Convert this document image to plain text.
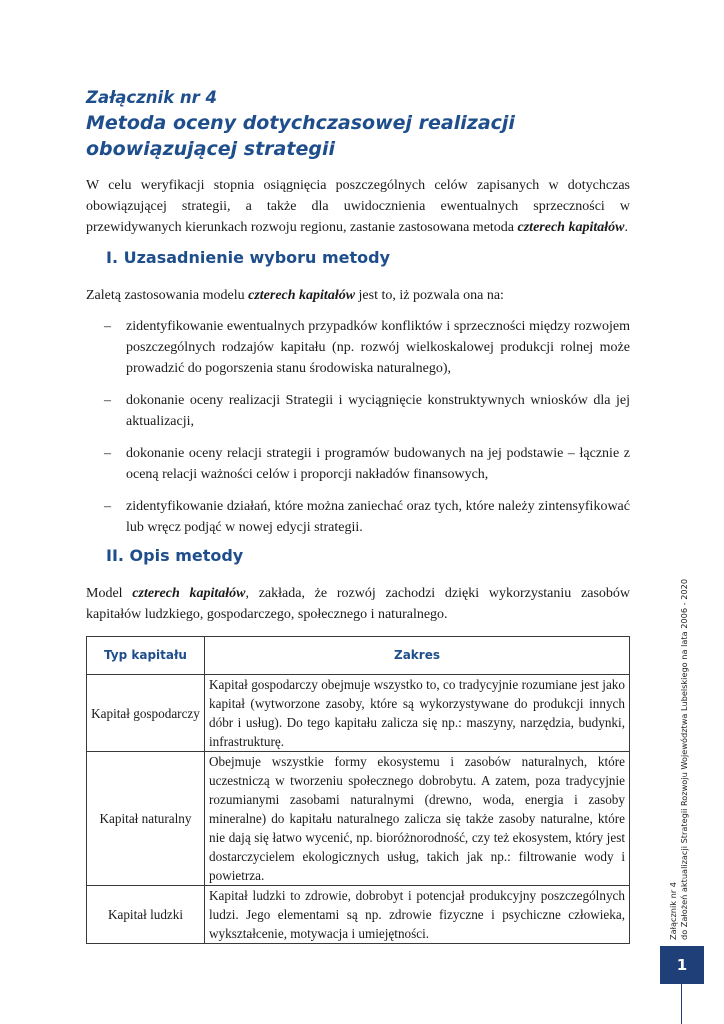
Załącznik nr 4
Metoda oceny dotychczasowej realizacji obowiązującej strategii

W celu weryfikacji stopnia osiągnięcia poszczególnych celów zapisanych w dotychczas obowiązującej strategii, a także dla uwidocznienia ewentualnych sprzeczności w przewidywanych kierunkach rozwoju regionu, zastanie zastosowana metoda czterech kapitałów.

I. Uzasadnienie wyboru metody

Zaletą zastosowania modelu czterech kapitałów jest to, iż pozwala ona na:

– zidentyfikowanie ewentualnych przypadków konfliktów i sprzeczności między rozwojem poszczególnych rodzajów kapitału (np. rozwój wielkoskalowej produkcji rolnej może prowadzić do pogorszenia stanu środowiska naturalnego),
– dokonanie oceny realizacji Strategii i wyciągnięcie konstruktywnych wniosków dla jej aktualizacji,
– dokonanie oceny relacji strategii i programów budowanych na jej podstawie – łącznie z oceną relacji ważności celów i proporcji nakładów finansowych,
– zidentyfikowanie działań, które można zaniechać oraz tych, które należy zintensyfikować lub wręcz podjąć w nowej edycji strategii.
II. Opis metody

Model czterech kapitałów, zakłada, że rozwój zachodzi dzięki wykorzystaniu zasobów kapitałów ludzkiego, gospodarczego, społecznego i naturalnego.

Typ kapitału	Zakres
Kapitał gospodarczy	Kapitał gospodarczy obejmuje wszystko to, co tradycyjnie rozumiane jest jako kapitał (wytworzone zasoby, które są wykorzystywane do produkcji innych dóbr i usług). Do tego kapitału zalicza się np.: maszyny, narzędzia, budynki, infrastrukturę.
Kapitał naturalny	Obejmuje wszystkie formy ekosystemu i zasobów naturalnych, które uczestniczą w tworzeniu społecznego dobrobytu. A zatem, poza tradycyjnie rozumianymi zasobami naturalnymi (drewno, woda, energia i zasoby mineralne) do kapitału naturalnego zalicza się także zasoby naturalne, które nie dają się łatwo wycenić, np. bioróżnorodność, czy też ekosystem, który jest dostarczycielem ekologicznych usług, takich jak np.: filtrowanie wody i powietrza.
Kapitał ludzki	Kapitał ludzki to zdrowie, dobrobyt i potencjał produkcyjny poszczególnych ludzi. Jego elementami są np. zdrowie fizyczne i psychiczne człowieka, wykształcenie, motywacja i umiejętności.	Załącznik nr 4 do Założeń aktualizacji Strategii Rozwoju Województwa Lubelskiego na lata 2006 - 2020
1
